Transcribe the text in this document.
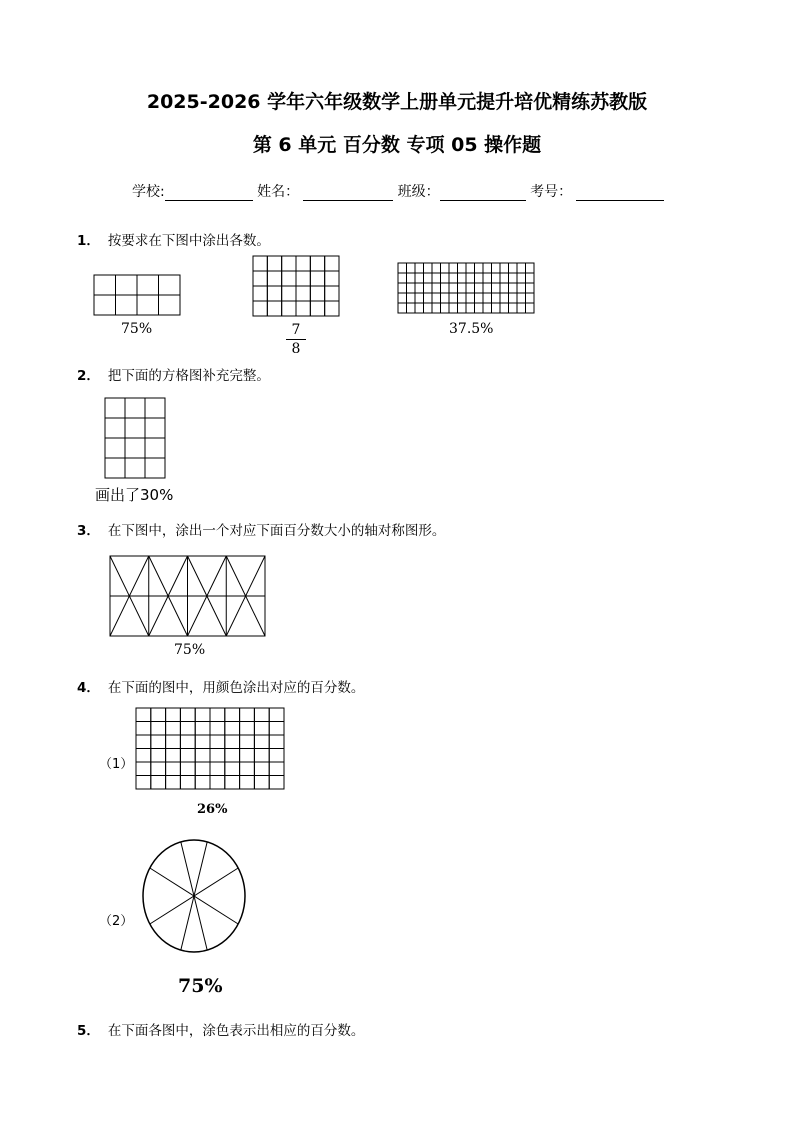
2025-2026 学年六年级数学上册单元提升培优精练苏教版
第 6 单元 百分数 专项 05 操作题
学校:	姓名：	班级：	考号：
1． 按要求在下图中涂出各数。
75%	7
8
37.5%
2． 把下面的方格图补充完整。
画出了30%
3． 在下图中，涂出一个对应下面百分数大小的轴对称图形。
75%
4． 在下面的图中，用颜色涂出对应的百分数。
（1）
26%
（2）
75%
5． 在下面各图中，涂色表示出相应的百分数。
